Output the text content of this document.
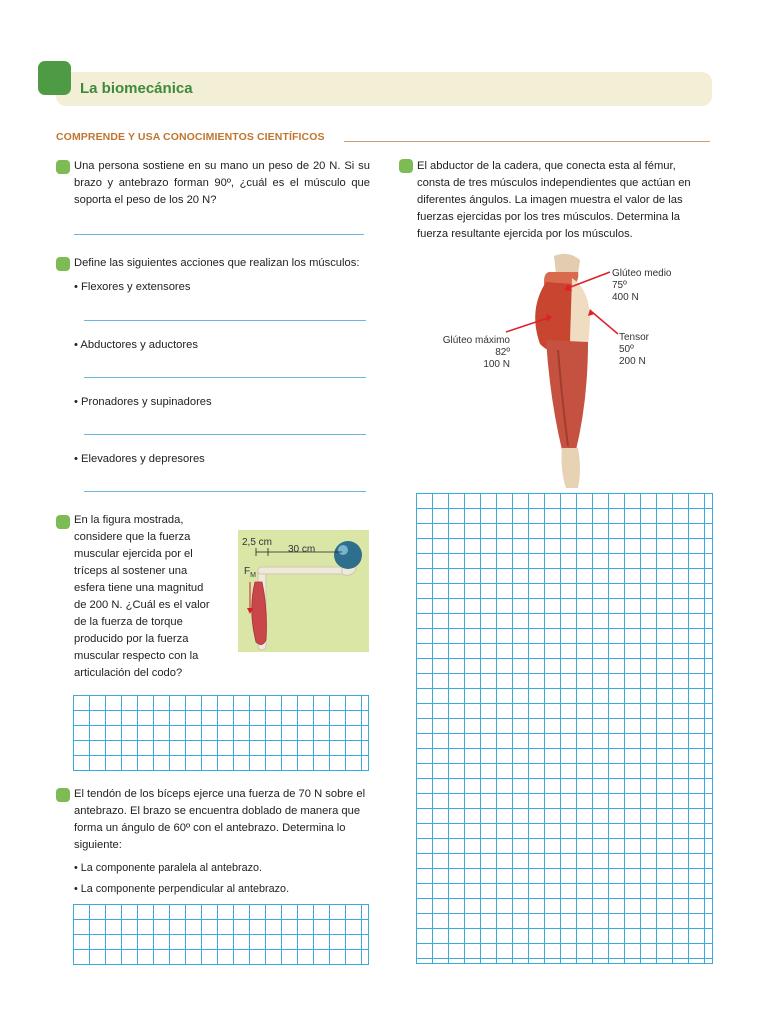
La biomecánica
COMPRENDE Y USA CONOCIMIENTOS CIENTÍFICOS
Una persona sostiene en su mano un peso de 20 N. Si su brazo y antebrazo forman 90º, ¿cuál es el músculo que soporta el peso de los 20 N?
Define las siguientes acciones que realizan los músculos:
• Flexores y extensores
• Abductores y aductores
• Pronadores y supinadores
• Elevadores y depresores
En la figura mostrada,
considere que la fuerza
muscular ejercida por el
tríceps al sostener una
esfera tiene una magnitud
de 200 N. ¿Cuál es el valor
de la fuerza de torque
producido por la fuerza
muscular respecto con la
articulación del codo?
2,5 cm
30 cm
$F_M$
El tendón de los bíceps ejerce una fuerza de 70 N sobre el antebrazo. El brazo se encuentra doblado de manera que forma un ángulo de 60º con el antebrazo. Determina lo siguiente:
• La componente paralela al antebrazo.
• La componente perpendicular al antebrazo.
El abductor de la cadera, que conecta esta al fémur, consta de tres músculos independientes que actúan en diferentes ángulos. La imagen muestra el valor de las fuerzas ejercidas por los tres músculos. Determina la fuerza resultante ejercida por los músculos.
Glúteo medio
75º
400 N
Glúteo máximo
82º
100 N
Tensor
50º
200 N
